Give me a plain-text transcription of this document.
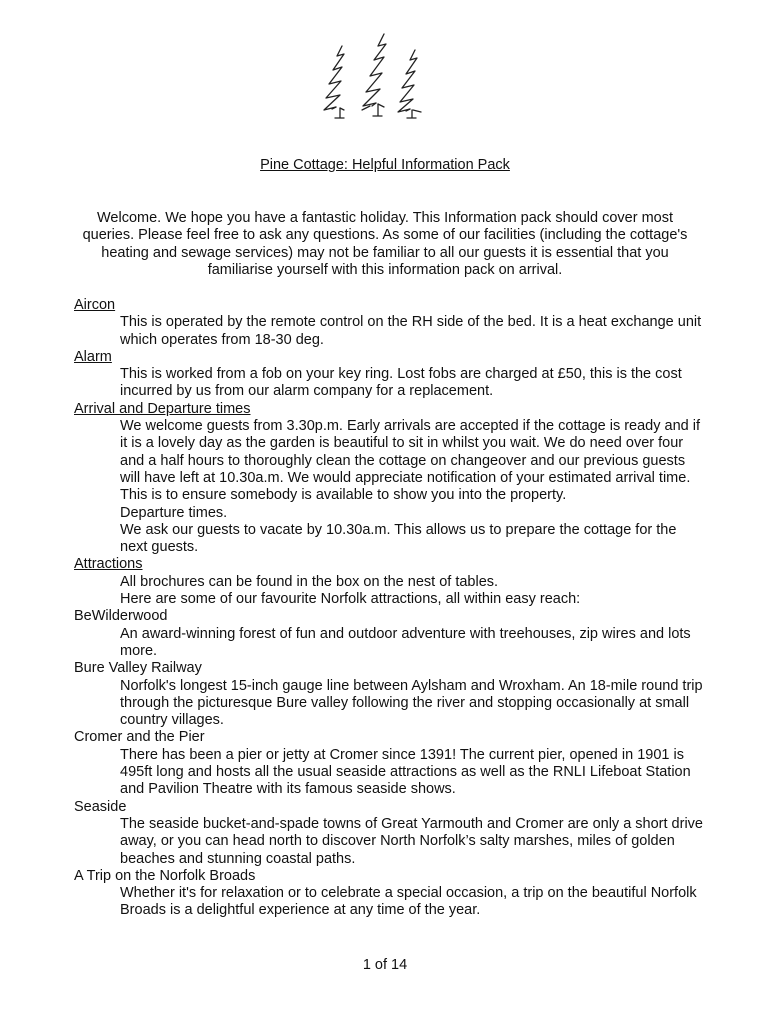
Pine Cottage: Helpful Information Pack
Welcome. We hope you have a fantastic holiday. This Information pack should cover most queries. Please feel free to ask any questions. As some of our facilities (including the cottage's heating and sewage services) may not be familiar to all our guests it is essential that you familiarise yourself with this information pack on arrival.
Aircon
This is operated by the remote control on the RH side of the bed. It is a heat exchange unit which operates from 18-30 deg.
Alarm
This is worked from a fob on your key ring. Lost fobs are charged at £50, this is the cost incurred by us from our alarm company for a replacement.
Arrival and Departure times
We welcome guests from 3.30p.m. Early arrivals are accepted if the cottage is ready and if it is a lovely day as the garden is beautiful to sit in whilst you wait. We do need over four and a half hours to thoroughly clean the cottage on changeover and our previous guests will have left at 10.30a.m. We would appreciate notification of your estimated arrival time. This is to ensure somebody is available to show you into the property.
Departure times.
We ask our guests to vacate by 10.30a.m. This allows us to prepare the cottage for the next guests.
Attractions
All brochures can be found in the box on the nest of tables.
Here are some of our favourite Norfolk attractions, all within easy reach:
BeWilderwood
An award-winning forest of fun and outdoor adventure with treehouses, zip wires and lots more.
Bure Valley Railway
Norfolk's longest 15-inch gauge line between Aylsham and Wroxham. An 18-mile round trip through the picturesque Bure valley following the river and stopping occasionally at small country villages.
Cromer and the Pier
There has been a pier or jetty at Cromer since 1391! The current pier, opened in 1901 is 495ft long and hosts all the usual seaside attractions as well as the RNLI Lifeboat Station and Pavilion Theatre with its famous seaside shows.
Seaside
The seaside bucket-and-spade towns of Great Yarmouth and Cromer are only a short drive away, or you can head north to discover North Norfolk’s salty marshes, miles of golden beaches and stunning coastal paths.
A Trip on the Norfolk Broads
Whether it's for relaxation or to celebrate a special occasion, a trip on the beautiful Norfolk Broads is a delightful experience at any time of the year.
1 of 14
